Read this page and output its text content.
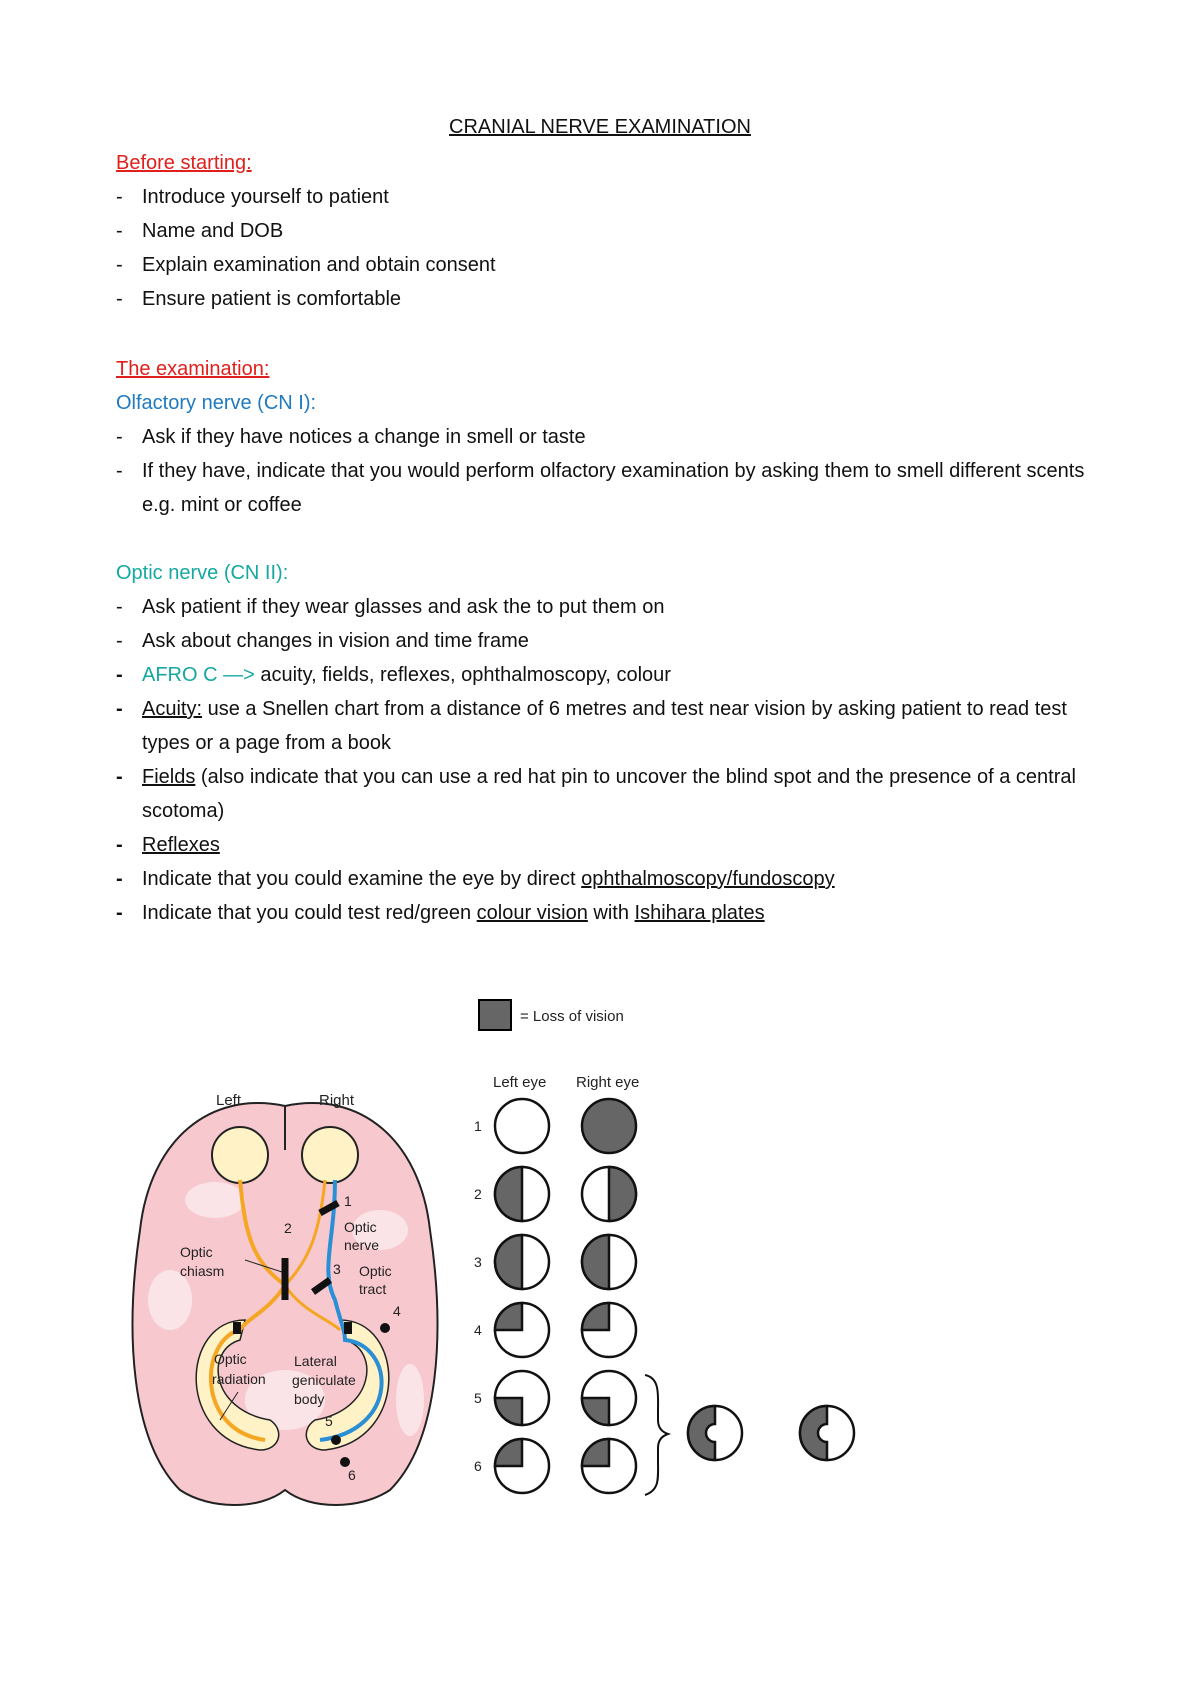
CRANIAL NERVE EXAMINATION
Before starting:
- Introduce yourself to patient
- Name and DOB
- Explain examination and obtain consent
- Ensure patient is comfortable
The examination:
Olfactory nerve (CN I):
- Ask if they have notices a change in smell or taste
- If they have, indicate that you would perform olfactory examination by asking them to smell different scents e.g. mint or coffee
Optic nerve (CN II):
- Ask patient if they wear glasses and ask the to put them on
- Ask about changes in vision and time frame
- AFRO C —> acuity, fields, reflexes, ophthalmoscopy, colour
- Acuity: use a Snellen chart from a distance of 6 metres and test near vision by asking patient to read test types or a page from a book
- Fields (also indicate that you can use a red hat pin to uncover the blind spot and the presence of a central scotoma)
- Reflexes
- Indicate that you could examine the eye by direct ophthalmoscopy/fundoscopy
- Indicate that you could test red/green colour vision with Ishihara plates
= Loss of vision
Left eye Right eye
1
2
3
4
5
6
Left	Right
Optic
nerve
Optic
chiasm	Optic
tract
Optic
radiation
Lateral
geniculate
body
1
2
3
4
5
6
